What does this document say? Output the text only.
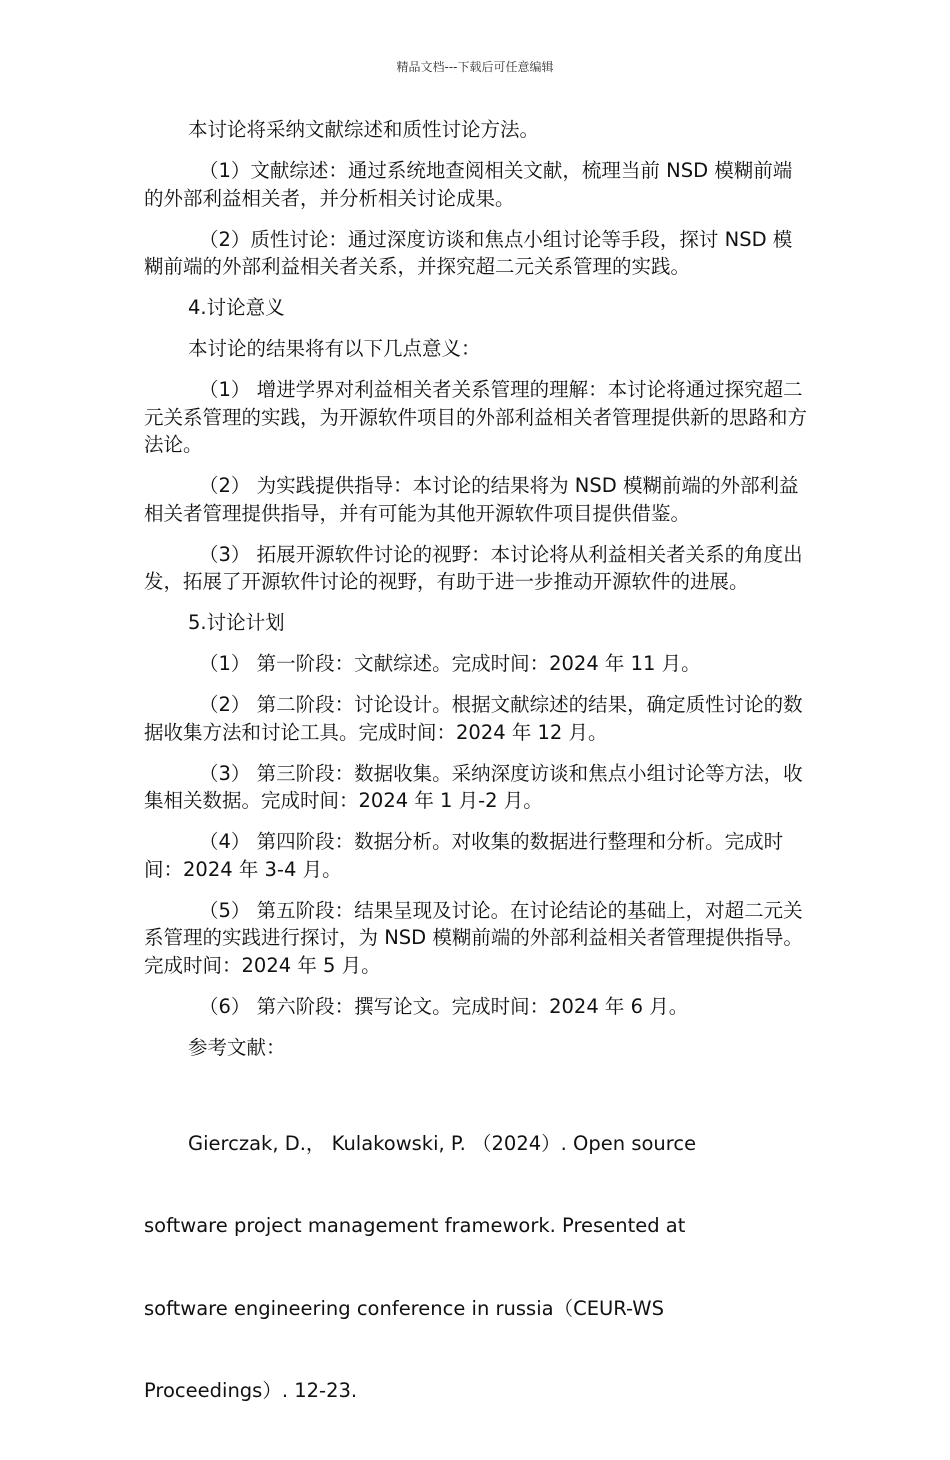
精品文档---下载后可任意编辑

本讨论将采纳文献综述和质性讨论方法。

（1）文献综述：通过系统地查阅相关文献，梳理当前 NSD 模糊前端的外部利益相关者，并分析相关讨论成果。

（2）质性讨论：通过深度访谈和焦点小组讨论等手段，探讨 NSD 模糊前端的外部利益相关者关系，并探究超二元关系管理的实践。

4.讨论意义

本讨论的结果将有以下几点意义：

（1） 增进学界对利益相关者关系管理的理解：本讨论将通过探究超二元关系管理的实践，为开源软件项目的外部利益相关者管理提供新的思路和方法论。

（2） 为实践提供指导：本讨论的结果将为 NSD 模糊前端的外部利益相关者管理提供指导，并有可能为其他开源软件项目提供借鉴。

（3） 拓展开源软件讨论的视野：本讨论将从利益相关者关系的角度出发，拓展了开源软件讨论的视野，有助于进一步推动开源软件的进展。

5.讨论计划

（1） 第一阶段：文献综述。完成时间：2024 年 11 月。

（2） 第二阶段：讨论设计。根据文献综述的结果，确定质性讨论的数据收集方法和讨论工具。完成时间：2024 年 12 月。

（3） 第三阶段：数据收集。采纳深度访谈和焦点小组讨论等方法，收集相关数据。完成时间：2024 年 1 月-2 月。

（4） 第四阶段：数据分析。对收集的数据进行整理和分析。完成时间：2024 年 3-4 月。

（5） 第五阶段：结果呈现及讨论。在讨论结论的基础上，对超二元关系管理的实践进行探讨，为 NSD 模糊前端的外部利益相关者管理提供指导。完成时间：2024 年 5 月。

（6） 第六阶段：撰写论文。完成时间：2024 年 6 月。

参考文献：

Gierczak, D.， Kulakowski, P. （2024）. Open source

software project management framework. Presented at

software engineering conference in russia（CEUR-WS

Proceedings）. 12-23.
